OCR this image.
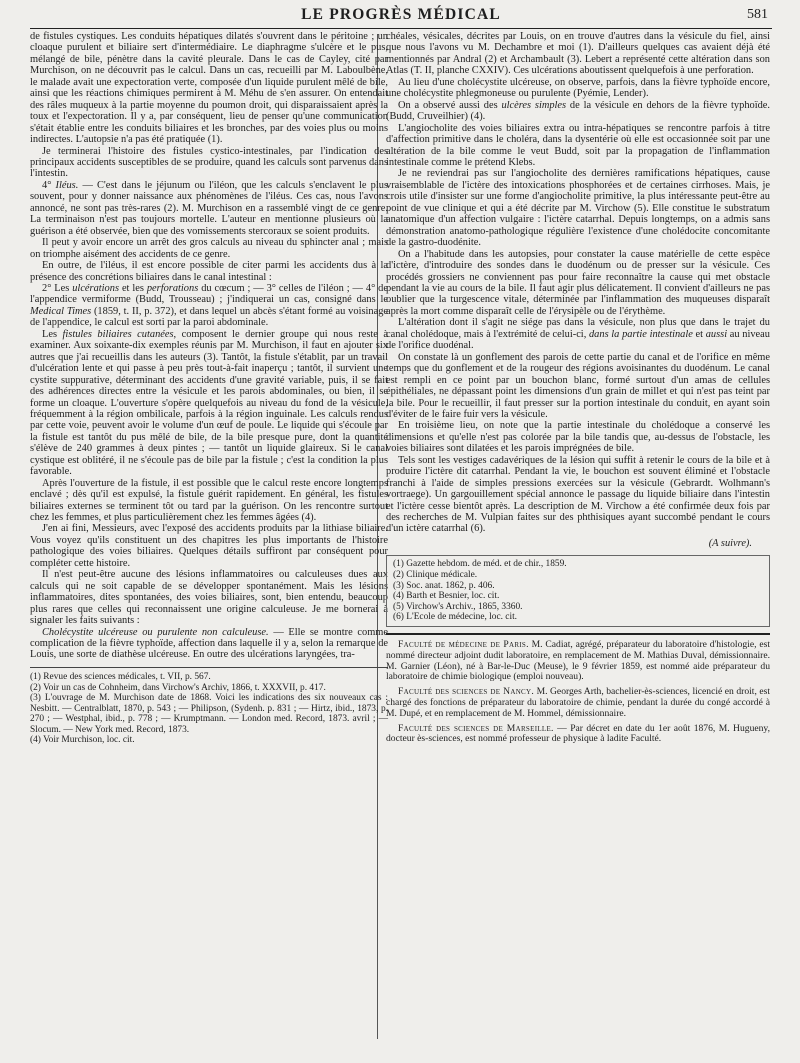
LE PROGRÈS MÉDICAL	581

de fistules cystiques. Les conduits hépatiques dilatés s'ouvrent dans le péritoine ; un cloaque purulent et biliaire sert d'intermédiaire. Le diaphragme s'ulcère et le pus, mélangé de bile, pénètre dans la cavité pleurale. Dans le cas de Cayley, cité par Murchison, on ne découvrit pas le calcul. Dans un cas, recueilli par M. Laboulbène, le malade avait une expectoration verte, composée d'un liquide purulent mêlé de bile, ainsi que les réactions chimiques permirent à M. Méhu de s'en assurer. On entendait des râles muqueux à la partie moyenne du poumon droit, qui disparaissaient après la toux et l'expectoration. Il y a, par conséquent, lieu de penser qu'une communication s'était établie entre les conduits biliaires et les bronches, par des voies plus ou moins indirectes. L'autopsie n'a pas été pratiquée (1).

Je terminerai l'histoire des fistules cystico-intestinales, par l'indication des principaux accidents susceptibles de se produire, quand les calculs sont parvenus dans l'intestin.

4° Iléus. — C'est dans le jéjunum ou l'iléon, que les calculs s'enclavent le plus souvent, pour y donner naissance aux phénomènes de l'iléus. Ces cas, nous l'avons annoncé, ne sont pas très-rares (2). M. Murchison en a rassemblé vingt de ce genre. La terminaison n'est pas toujours mortelle. L'auteur en mentionne plusieurs où la guérison a été observée, bien que des vomissements stercoraux se soient produits.

Il peut y avoir encore un arrêt des gros calculs au niveau du sphincter anal ; mais on triomphe aisément des accidents de ce genre.

En outre, de l'iléus, il est encore possible de citer parmi les accidents dus à la présence des concrétions biliaires dans le canal intestinal :

2° Les ulcérations et les perforations du cœcum ; — 3° celles de l'iléon ; — 4° de l'appendice vermiforme (Budd, Trousseau) ; j'indiquerai un cas, consigné dans le Medical Times (1859, t. II, p. 372), et dans lequel un abcès s'étant formé au voisinage de l'appendice, le calcul est sorti par la paroi abdominale.

Les fistules biliaires cutanées, composent le dernier groupe qui nous reste à examiner. Aux soixante-dix exemples réunis par M. Murchison, il faut en ajouter six autres que j'ai recueillis dans les auteurs (3). Tantôt, la fistule s'établit, par un travail d'ulcération lente et qui passe à peu près tout-à-fait inaperçu ; tantôt, il survient une cystite suppurative, déterminant des accidents d'une gravité variable, puis, il se fait des adhérences directes entre la vésicule et les parois abdominales, ou bien, il se forme un cloaque. L'ouverture s'opère quelquefois au niveau du fond de la vésicule, fréquemment à la région ombilicale, parfois à la région inguinale. Les calculs rendus par cette voie, peuvent avoir le volume d'un œuf de poule. Le liquide qui s'écoule par la fistule est tantôt du pus mêlé de bile, de la bile presque pure, dont la quantité s'élève de 240 grammes à deux pintes ; — tantôt un liquide glaireux. Si le canal cystique est oblitéré, il ne s'écoule pas de bile par la fistule ; c'est la condition la plus favorable.

Après l'ouverture de la fistule, il est possible que le calcul reste encore longtemps enclavé ; dès qu'il est expulsé, la fistule guérit rapidement. En général, les fistules biliaires externes se terminent tôt ou tard par la guérison. On les rencontre surtout chez les femmes, et plus particulièrement chez les femmes âgées (4).

J'en ai fini, Messieurs, avec l'exposé des accidents produits par la lithiase biliaire. Vous voyez qu'ils constituent un des chapitres les plus importants de l'histoire pathologique des voies biliaires. Quelques détails suffiront par conséquent pour compléter cette histoire.

Il n'est peut-être aucune des lésions inflammatoires ou calculeuses dues aux calculs qui ne soit capable de se développer spontanément. Mais les lésions inflammatoires, dites spontanées, des voies biliaires, sont, bien entendu, beaucoup plus rares que celles qui reconnaissent une origine calculeuse. Je me bornerai à signaler les faits suivants :

Cholécystite ulcéreuse ou purulente non calculeuse. — Elle se montre comme complication de la fièvre typhoïde, affection dans laquelle il y a, selon la remarque de Louis, une sorte de diathèse ulcéreuse. En outre des ulcérations laryngées, tra-

(1) Revue des sciences médicales, t. VII, p. 567.

(2) Voir un cas de Cohnheim, dans Virchow's Archiv, 1866, t. XXXVII, p. 417.

(3) L'ouvrage de M. Murchison date de 1868. Voici les indications des six nouveaux cas : Nesbitt. — Centralblatt, 1870, p. 543 ; — Philipson, (Sydenh. p. 831 ; — Hirtz, ibid., 1873, p. 270 ; — Westphal, ibid., p. 778 ; — Krumptmann. — London med. Record, 1873. avril ; — Slocum. — New York med. Record, 1873.

(4) Voir Murchison, loc. cit.

chéales, vésicales, décrites par Louis, on en trouve d'autres dans la vésicule du fiel, ainsi que nous l'avons vu M. Dechambre et moi (1). D'ailleurs quelques cas avaient déjà été mentionnés par Andral (2) et Archambault (3). Lebert a représenté cette altération dans son Atlas (T. II, planche CXXIV). Ces ulcérations aboutissent quelquefois à une perforation.

Au lieu d'une cholécystite ulcéreuse, on observe, parfois, dans la fièvre typhoïde encore, une cholécystite phlegmoneuse ou purulente (Pyémie, Lender).

On a observé aussi des ulcères simples de la vésicule en dehors de la fièvre typhoïde. (Budd, Cruveilhier) (4).

L'angiocholite des voies biliaires extra ou intra-hépatiques se rencontre parfois à titre d'affection primitive dans le choléra, dans la dysentérie où elle est occasionnée soit par une altération de la bile comme le veut Budd, soit par la propagation de l'inflammation intestinale comme le prétend Klebs.

Je ne reviendrai pas sur l'angiocholite des dernières ramifications hépatiques, cause vraisemblable de l'ictère des intoxications phosphorées et de certaines cirrhoses. Mais, je crois utile d'insister sur une forme d'angiocholite primitive, la plus intéressante peut-être au point de vue clinique et qui a été décrite par M. Virchow (5). Elle constitue le substratum anatomique d'un affection vulgaire : l'ictère catarrhal. Depuis longtemps, on a admis sans démonstration anatomo-pathologique régulière l'existence d'une cholédocite concomitante de la gastro-duodénite.

On a l'habitude dans les autopsies, pour constater la cause matérielle de cette espèce d'ictère, d'introduire des sondes dans le duodénum ou de presser sur la vésicule. Ces procédés grossiers ne conviennent pas pour faire reconnaître la cause qui met obstacle pendant la vie au cours de la bile. Il faut agir plus délicatement. Il convient d'ailleurs ne pas oublier que la turgescence vitale, déterminée par l'inflammation des muqueuses disparaît après la mort comme disparaît celle de l'érysipèle ou de l'érythème.

L'altération dont il s'agit ne siége pas dans la vésicule, non plus que dans le trajet du canal cholédoque, mais à l'extrémité de celui-ci, dans la partie intestinale et aussi au niveau de l'orifice duodénal.

On constate là un gonflement des parois de cette partie du canal et de l'orifice en même temps que du gonflement et de la rougeur des régions avoisinantes du duodénum. Le canal est rempli en ce point par un bouchon blanc, formé surtout d'un amas de cellules épithéliales, ne dépassant point les dimensions d'un grain de millet et qui n'est pas teint par la bile. Pour le recueillir, il faut presser sur la portion intestinale du conduit, en ayant soin d'éviter de le faire fuir vers la vésicule.

En troisième lieu, on note que la partie intestinale du cholédoque a conservé les dimensions et qu'elle n'est pas colorée par la bile tandis que, au-dessus de l'obstacle, les voies biliaires sont dilatées et les parois imprégnées de bile.

Tels sont les vestiges cadavériques de la lésion qui suffit à retenir le cours de la bile et à produire l'ictère dit catarrhal. Pendant la vie, le bouchon est souvent éliminé et l'obstacle franchi à l'aide de simples pressions exercées sur la vésicule (Gebrardt. Wolhmann's vortraege). Un gargouillement spécial annonce le passage du liquide biliaire dans l'intestin et l'ictère cesse bientôt après. La description de M. Virchow a été confirmée deux fois par des recherches de M. Vulpian faites sur des phthisiques ayant succombé pendant le cours d'un ictère catarrhal (6).

(A suivre).

(1) Gazette hebdom. de méd. et de chir., 1859.

(2) Clinique médicale.

(3) Soc. anat. 1862, p. 406.

(4) Barth et Besnier, loc. cit.

(5) Virchow's Archiv., 1865, 3360.

(6) L'Ecole de médecine, loc. cit.

Faculté de médecine de Paris. M. Cadiat, agrégé, préparateur du laboratoire d'histologie, est nommé directeur adjoint dudit laboratoire, en remplacement de M. Mathias Duval, démissionnaire. M. Garnier (Léon), né à Bar-le-Duc (Meuse), le 9 février 1859, est nommé aide préparateur du laboratoire de chimie biologique (emploi nouveau).

Faculté des sciences de Nancy. M. Georges Arth, bachelier-ès-sciences, licencié en droit, est chargé des fonctions de préparateur du laboratoire de chimie, pendant la durée du congé accordé à M. Dupé, et en remplacement de M. Hommel, démissionnaire.

Faculté des sciences de Marseille. — Par décret en date du 1er août 1876, M. Hugueny, docteur ès-sciences, est nommé professeur de physique à ladite Faculté.
